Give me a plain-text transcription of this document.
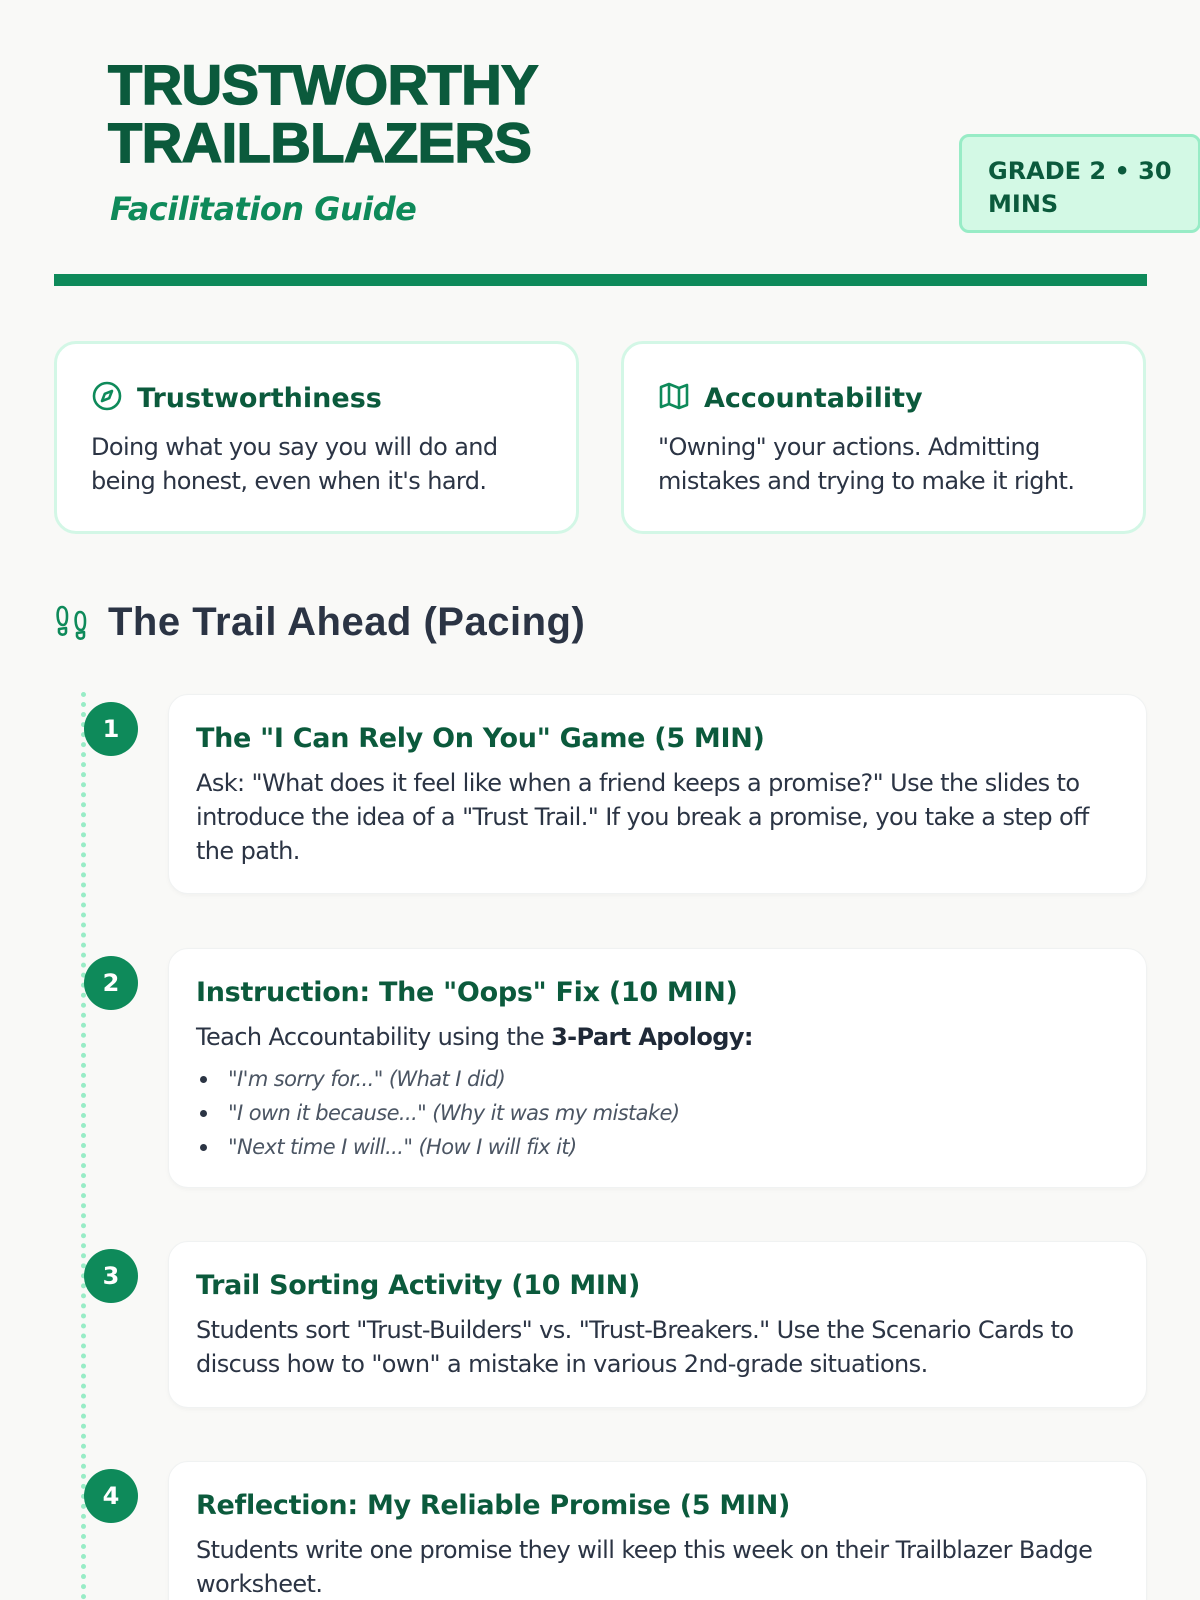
TRUSTWORTHY
TRAILBLAZERS
Facilitation Guide
GRADE 2 • 30 MINS
Trustworthiness

Doing what you say you will do and being honest, even when it's hard.

Accountability

"Owning" your actions. Admitting mistakes and trying to make it right.

The Trail Ahead (Pacing)
1	The "I Can Rely On You" Game (5 MIN)

Ask: "What does it feel like when a friend keeps a promise?" Use the slides to introduce the idea of a "Trust Trail." If you break a promise, you take a step off the path.

2	Instruction: The "Oops" Fix (10 MIN)

Teach Accountability using the 3-Part Apology:

"I'm sorry for..." (What I did)
"I own it because..." (Why it was my mistake)
"Next time I will..." (How I will fix it)
3	Trail Sorting Activity (10 MIN)

Students sort "Trust-Builders" vs. "Trust-Breakers." Use the Scenario Cards to discuss how to "own" a mistake in various 2nd-grade situations.

4	Reflection: My Reliable Promise (5 MIN)

Students write one promise they will keep this week on their Trailblazer Badge worksheet.
